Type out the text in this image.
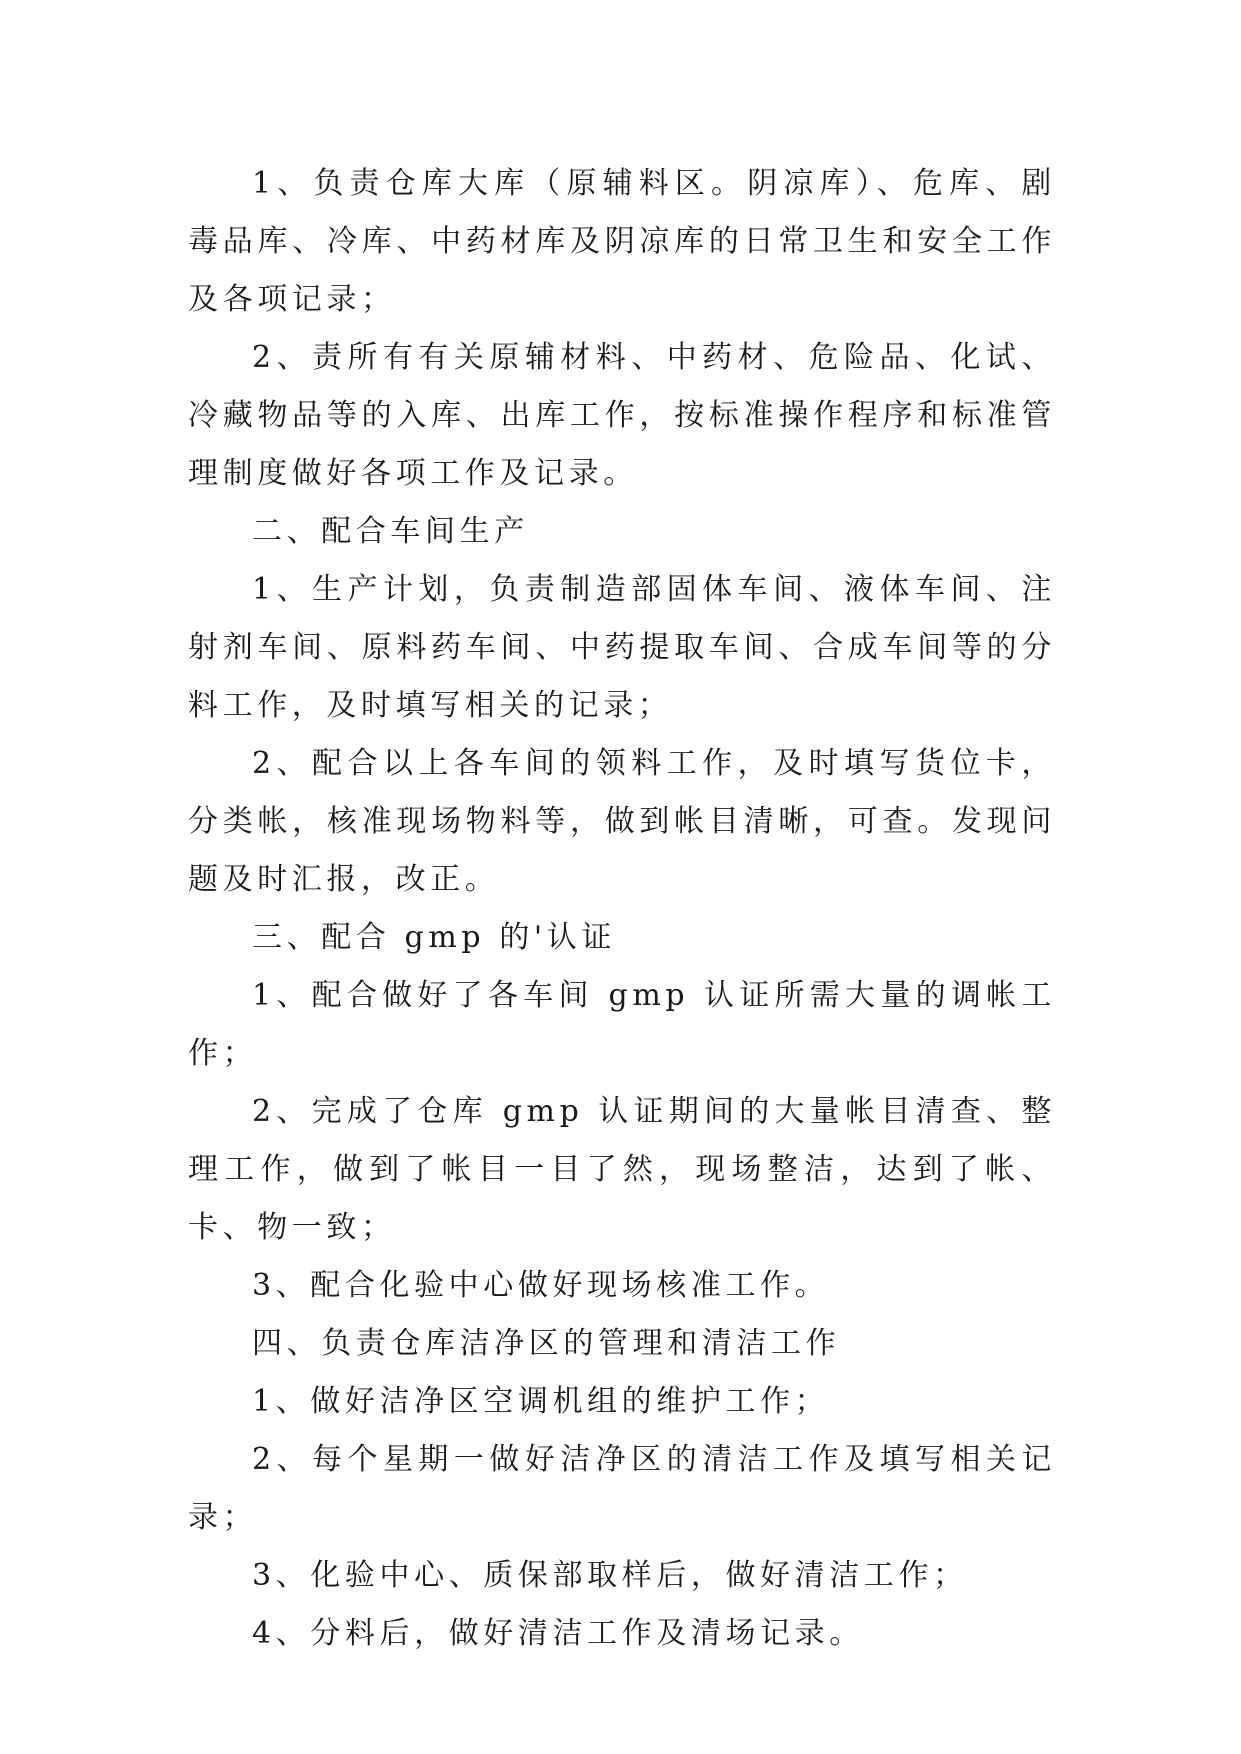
1、负责仓库大库（原辅料区。阴凉库）、危库、剧毒品库、冷库、中药材库及阴凉库的日常卫生和安全工作及各项记录；

2、责所有有关原辅材料、中药材、危险品、化试、冷藏物品等的入库、出库工作，按标准操作程序和标准管理制度做好各项工作及记录。

二、配合车间生产

1、生产计划，负责制造部固体车间、液体车间、注射剂车间、原料药车间、中药提取车间、合成车间等的分料工作，及时填写相关的记录；

2、配合以上各车间的领料工作，及时填写货位卡，分类帐，核准现场物料等，做到帐目清晰，可查。发现问题及时汇报，改正。

三、配合 gmp 的'认证

1、配合做好了各车间 gmp 认证所需大量的调帐工作；

2、完成了仓库 gmp 认证期间的大量帐目清查、整理工作，做到了帐目一目了然，现场整洁，达到了帐、卡、物一致；

3、配合化验中心做好现场核准工作。

四、负责仓库洁净区的管理和清洁工作

1、做好洁净区空调机组的维护工作；

2、每个星期一做好洁净区的清洁工作及填写相关记录；

3、化验中心、质保部取样后，做好清洁工作；

4、分料后，做好清洁工作及清场记录。
